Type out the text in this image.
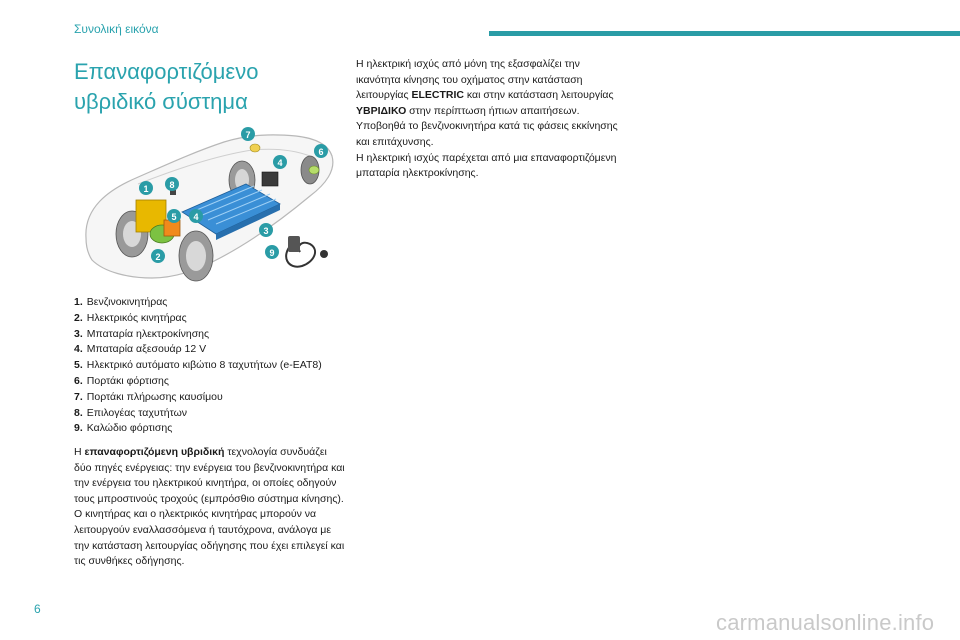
Συνολική εικόνα
Επαναφορτιζόμενο υβριδικό σύστημα
1
2
3
4
4
5
6
7
8
9
1. Βενζινοκινητήρας
2. Ηλεκτρικός κινητήρας
3. Μπαταρία ηλεκτροκίνησης
4. Μπαταρία αξεσουάρ 12 V
5. Ηλεκτρικό αυτόματο κιβώτιο 8 ταχυτήτων (e-EAT8)
6. Πορτάκι φόρτισης
7. Πορτάκι πλήρωσης καυσίμου
8. Επιλογέας ταχυτήτων
9. Καλώδιο φόρτισης
Η επαναφορτιζόμενη υβριδική τεχνολογία συνδυάζει δύο πηγές ενέργειας: την ενέργεια του βενζινοκινητήρα και την ενέργεια του ηλεκτρικού κινητήρα, οι οποίες οδηγούν τους μπροστινούς τροχούς (εμπρόσθιο σύστημα κίνησης).
Ο κινητήρας και ο ηλεκτρικός κινητήρας μπορούν να λειτουργούν εναλλασσόμενα ή ταυτόχρονα, ανάλογα με την κατάσταση λειτουργίας οδήγησης που έχει επιλεγεί και τις συνθήκες οδήγησης.
Η ηλεκτρική ισχύς από μόνη της εξασφαλίζει την ικανότητα κίνησης του οχήματος στην κατάσταση λειτουργίας ELECTRIC και στην κατάσταση λειτουργίας ΥΒΡΙΔΙΚΟ στην περίπτωση ήπιων απαιτήσεων.
Υποβοηθά το βενζινοκινητήρα κατά τις φάσεις εκκίνησης και επιτάχυνσης.
Η ηλεκτρική ισχύς παρέχεται από μια επαναφορτιζόμενη μπαταρία ηλεκτροκίνησης.
6
carmanualsonline.info
